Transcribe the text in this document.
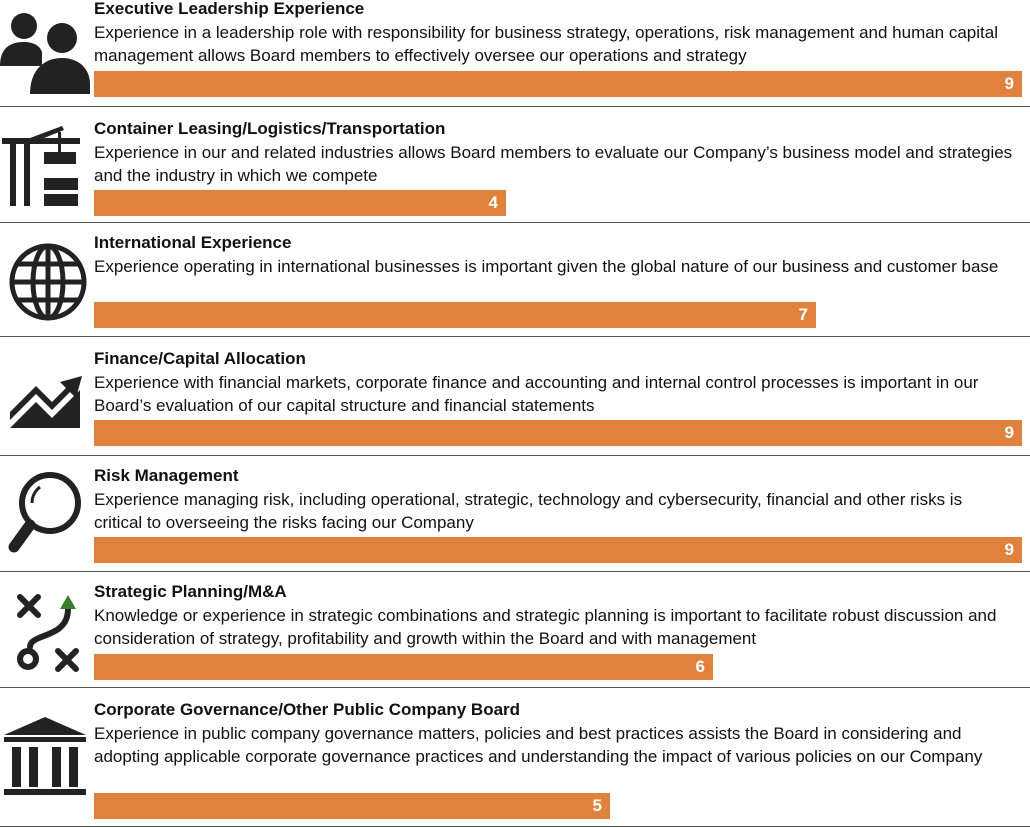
Executive Leadership Experience
Experience in a leadership role with responsibility for business strategy, operations, risk management and human capital management allows Board members to effectively oversee our operations and strategy
9
Container Leasing/Logistics/Transportation
Experience in our and related industries allows Board members to evaluate our Company’s business model and strategies and the industry in which we compete
4
International Experience
Experience operating in international businesses is important given the global nature of our business and customer base
7
Finance/Capital Allocation
Experience with financial markets, corporate finance and accounting and internal control processes is important in our Board’s evaluation of our capital structure and financial statements
9
Risk Management
Experience managing risk, including operational, strategic, technology and cybersecurity, financial and other risks is critical to overseeing the risks facing our Company
9
Strategic Planning/M&A
Knowledge or experience in strategic combinations and strategic planning is important to facilitate robust discussion and consideration of strategy, profitability and growth within the Board and with management
6
Corporate Governance/Other Public Company Board
Experience in public company governance matters, policies and best practices assists the Board in considering and adopting applicable corporate governance practices and understanding the impact of various policies on our Company
5
